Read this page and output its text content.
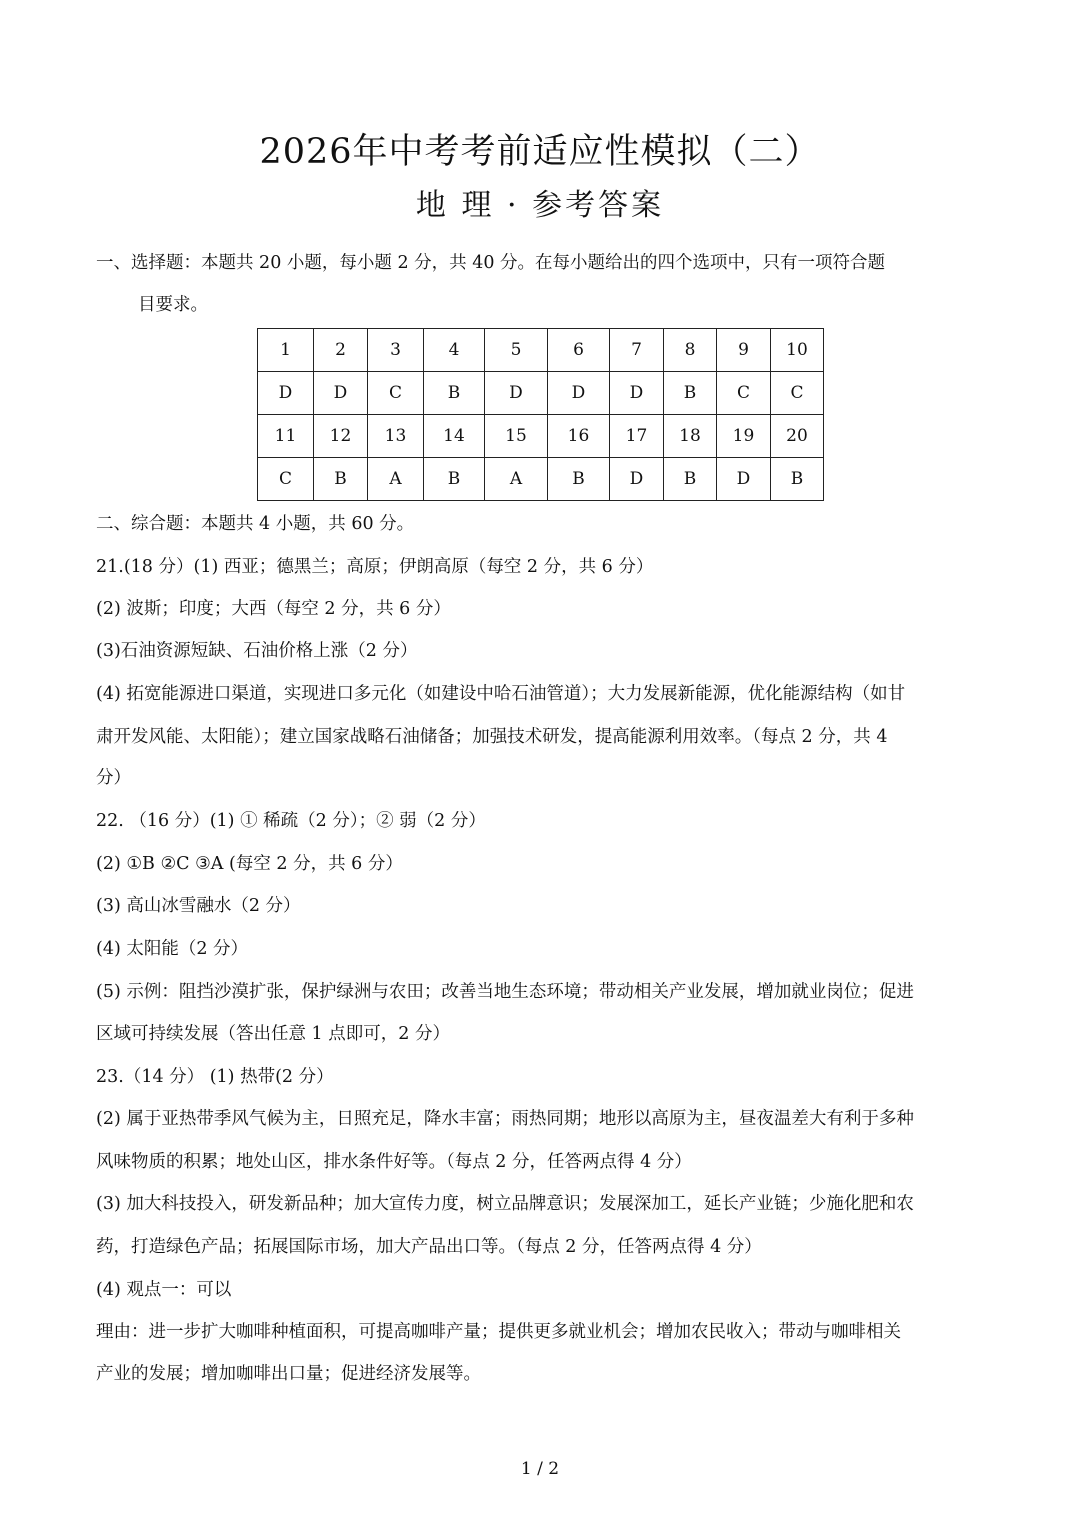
2026年中考考前适应性模拟（二）
地 理 · 参考答案
一、选择题：本题共 20 小题，每小题 2 分，共 40 分。在每小题给出的四个选项中，只有一项符合题
目要求。
1	2	3	4	5	6	7	8	9	10
D	D	C	B	D	D	D	B	C	C
11	12	13	14	15	16	17	18	19	20
C	B	A	B	A	B	D	B	D	B
二、综合题：本题共 4 小题，共 60 分。
21.(18 分）(1) 西亚；德黑兰；高原；伊朗高原（每空 2 分，共 6 分）
(2) 波斯；印度；大西（每空 2 分，共 6 分）
(3)石油资源短缺、石油价格上涨（2 分）
(4) 拓宽能源进口渠道，实现进口多元化（如建设中哈石油管道）；大力发展新能源，优化能源结构（如甘
肃开发风能、太阳能）；建立国家战略石油储备；加强技术研发，提高能源利用效率。（每点 2 分，共 4
分）
22. （16 分）(1) ① 稀疏（2 分）；② 弱（2 分）
(2) ①B ②C ③A (每空 2 分，共 6 分）
(3) 高山冰雪融水（2 分）
(4) 太阳能（2 分）
(5) 示例：阻挡沙漠扩张，保护绿洲与农田；改善当地生态环境；带动相关产业发展，增加就业岗位；促进
区域可持续发展（答出任意 1 点即可，2 分）
23.（14 分） (1) 热带(2 分）
(2) 属于亚热带季风气候为主，日照充足，降水丰富；雨热同期；地形以高原为主，昼夜温差大有利于多种
风味物质的积累；地处山区，排水条件好等。（每点 2 分，任答两点得 4 分）
(3) 加大科技投入，研发新品种；加大宣传力度，树立品牌意识；发展深加工，延长产业链；少施化肥和农
药，打造绿色产品；拓展国际市场，加大产品出口等。（每点 2 分，任答两点得 4 分）
(4) 观点一：可以
理由：进一步扩大咖啡种植面积，可提高咖啡产量；提供更多就业机会；增加农民收入；带动与咖啡相关
产业的发展；增加咖啡出口量；促进经济发展等。
1 / 2
